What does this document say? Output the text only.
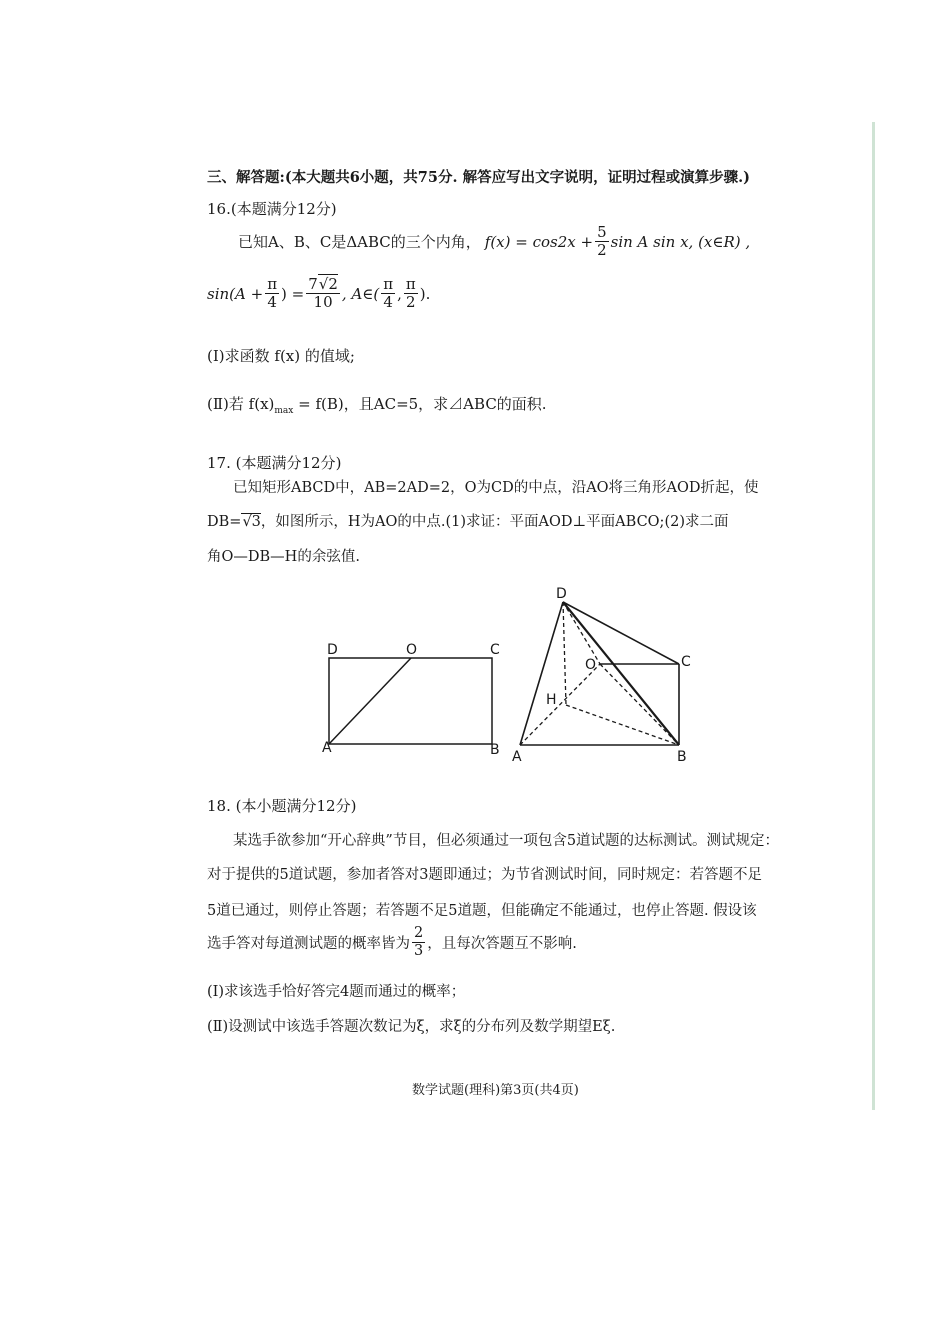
三、解答题:(本大题共6小题，共75分. 解答应写出文字说明，证明过程或演算步骤.)
16.(本题满分12分)
已知A、B、C是ΔABC的三个内角， $f(x) = \cos 2x + \frac{5}{2}$ sin A sin x, (x∈R) ,
$\sin(A + \frac{\pi}{4}$ ) = $\frac{7√2}{10}$ , A∈( $\frac{\pi}{4}$ , $\frac{\pi}{2}$ ).
(Ⅰ)求函数 f(x) 的值域;
(Ⅱ)若 $f(x)_{max} = f(B)$，且AC=5，求⊿ABC的面积.
17. (本题满分12分)
已知矩形ABCD中，AB=2AD=2，O为CD的中点，沿AO将三角形AOD折起，使
DB=√3，如图所示，H为AO的中点.(1)求证：平面AOD⊥平面ABCO;(2)求二面
角O—DB—H的余弦值.
D	O	C
A	B
D
O	C
H
A	B
18. (本小题满分12分)
某选手欲参加“开心辞典”节目，但必须通过一项包含5道试题的达标测试。测试规定：
对于提供的5道试题，参加者答对3题即通过；为节省测试时间，同时规定：若答题不足
5道已通过，则停止答题；若答题不足5道题，但能确定不能通过，也停止答题. 假设该
选手答对每道测试题的概率皆为 $\frac{2}{3}$ ，且每次答题互不影响.
(Ⅰ)求该选手恰好答完4题而通过的概率；
(Ⅱ)设测试中该选手答题次数记为ξ，求ξ的分布列及数学期望Eξ.
数学试题(理科)第3页(共4页)
